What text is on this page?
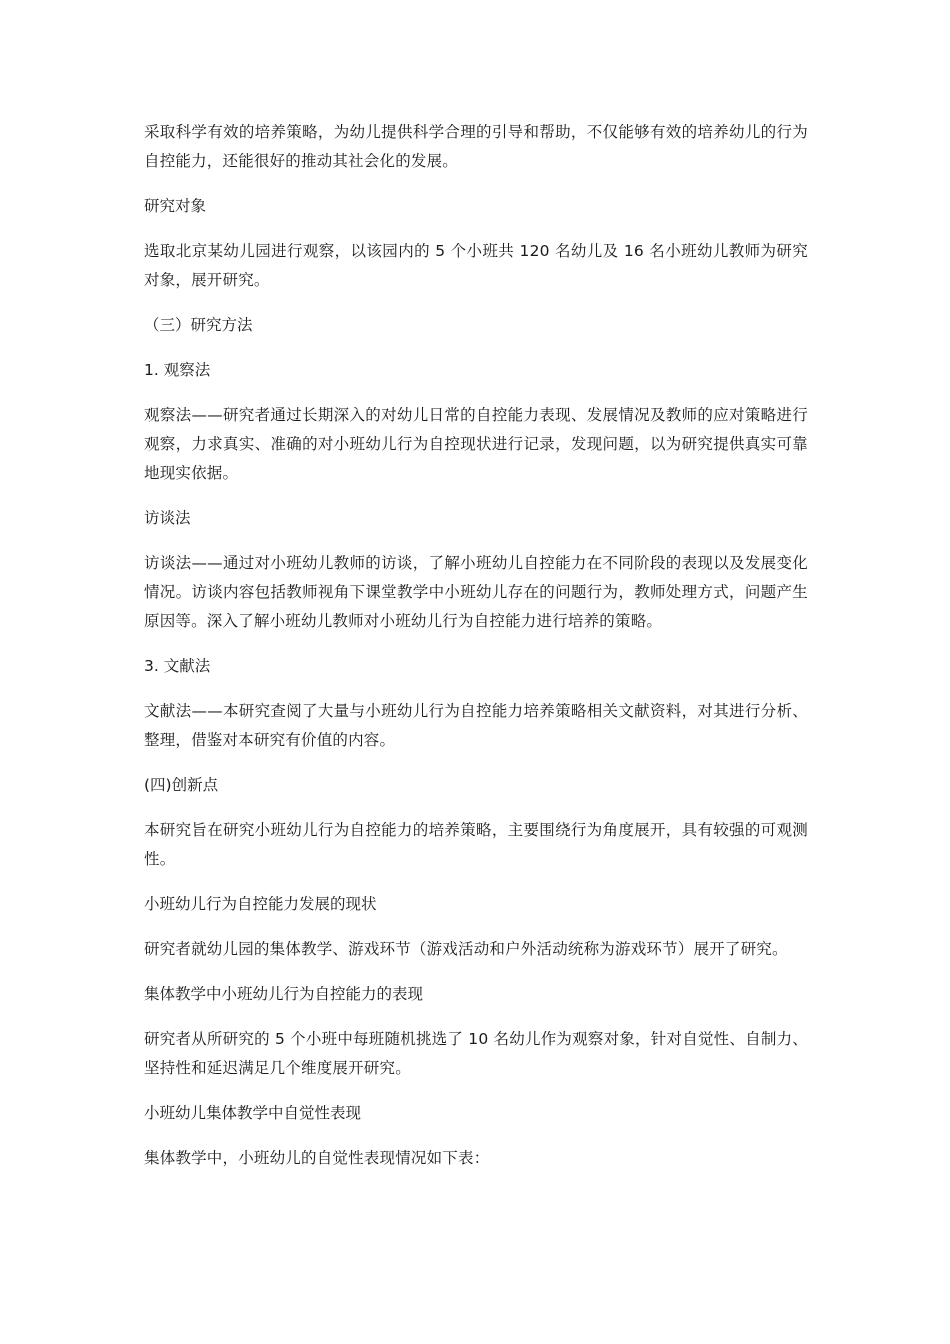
采取科学有效的培养策略，为幼儿提供科学合理的引导和帮助，不仅能够有效的培养幼儿的行为自控能力，还能很好的推动其社会化的发展。

研究对象

选取北京某幼儿园进行观察，以该园内的 5 个小班共 120 名幼儿及 16 名小班幼儿教师为研究对象，展开研究。

（三）研究方法

1. 观察法

观察法——研究者通过长期深入的对幼儿日常的自控能力表现、发展情况及教师的应对策略进行观察，力求真实、准确的对小班幼儿行为自控现状进行记录，发现问题，以为研究提供真实可靠地现实依据。

访谈法

访谈法——通过对小班幼儿教师的访谈，了解小班幼儿自控能力在不同阶段的表现以及发展变化情况。访谈内容包括教师视角下课堂教学中小班幼儿存在的问题行为，教师处理方式，问题产生原因等。深入了解小班幼儿教师对小班幼儿行为自控能力进行培养的策略。

3. 文献法

文献法——本研究查阅了大量与小班幼儿行为自控能力培养策略相关文献资料，对其进行分析、整理，借鉴对本研究有价值的内容。

(四)创新点

本研究旨在研究小班幼儿行为自控能力的培养策略，主要围绕行为角度展开，具有较强的可观测性。

小班幼儿行为自控能力发展的现状

研究者就幼儿园的集体教学、游戏环节（游戏活动和户外活动统称为游戏环节）展开了研究。

集体教学中小班幼儿行为自控能力的表现

研究者从所研究的 5 个小班中每班随机挑选了 10 名幼儿作为观察对象，针对自觉性、自制力、坚持性和延迟满足几个维度展开研究。

小班幼儿集体教学中自觉性表现

集体教学中，小班幼儿的自觉性表现情况如下表：
